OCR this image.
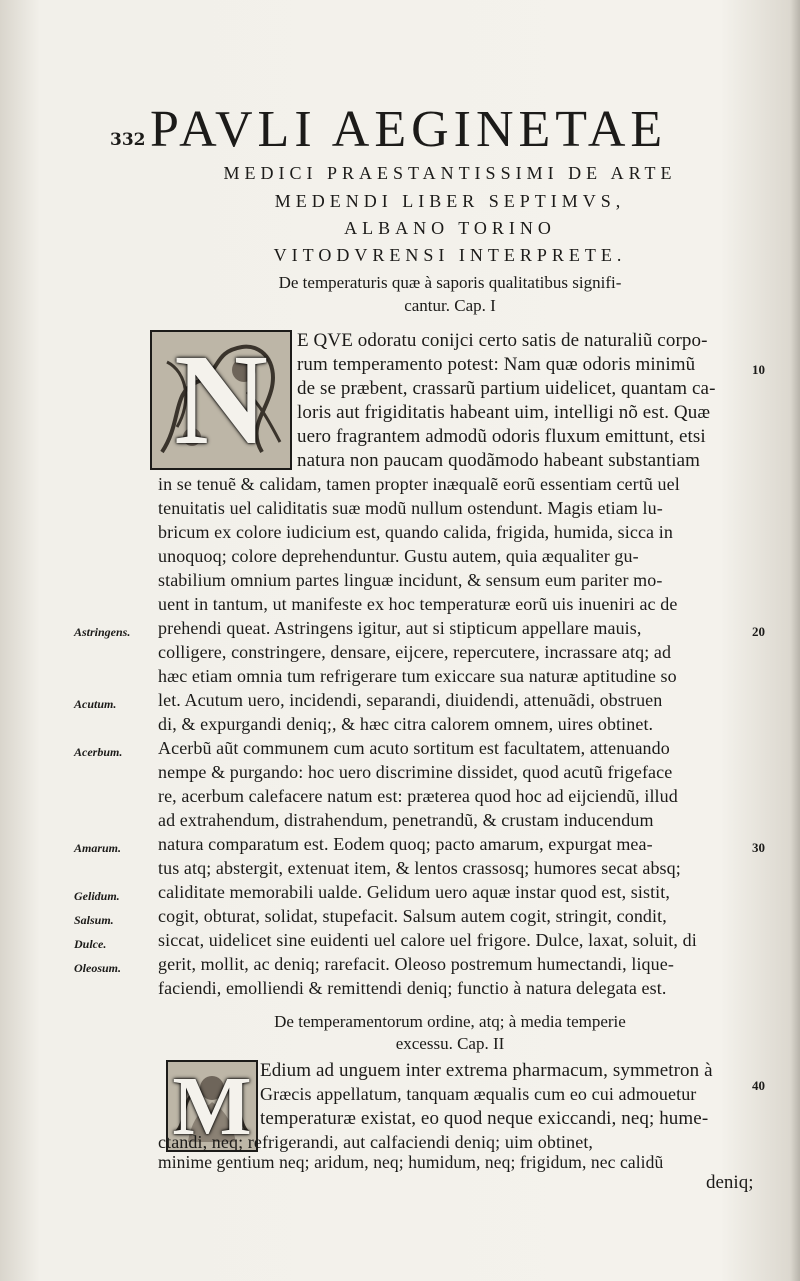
332 PAVLI AEGINETAE
MEDICI PRAESTANTISSIMI DE ARTE
MEDENDI LIBER SEPTIMVS,
ALBANO TORINO
VITODVRENSI INTERPRETE.
De temperaturis quæ à saporis qualitatibus signifi-
cantur. Cap. I
N E QVE odoratu conijci certo satis de naturaliũ corpo-
rum temperamento potest: Nam quæ odoris minimũ
de se præbent, crassarũ partium uidelicet, quantam ca-
loris aut frigiditatis habeant uim, intelligi nõ est. Quæ
uero fragrantem admodũ odoris fluxum emittunt, etsi
natura non paucam quodãmodo habeant substantiam
in se tenuẽ & calidam, tamen propter inæqualẽ eorũ essentiam certũ uel
tenuitatis uel caliditatis suæ modũ nullum ostendunt. Magis etiam lu-
bricum ex colore iudicium est, quando calida, frigida, humida, sicca in
unoquoq; colore deprehenduntur. Gustu autem, quia æqualiter gu-
stabilium omnium partes linguæ incidunt, & sensum eum pariter mo-
uent in tantum, ut manifeste ex hoc temperaturæ eorũ uis inueniri ac de
prehendi queat. Astringens igitur, aut si stipticum appellare mauis,
colligere, constringere, densare, eijcere, repercutere, incrassare atq; ad
hæc etiam omnia tum refrigerare tum exiccare sua naturæ aptitudine so
let. Acutum uero, incidendi, separandi, diuidendi, attenuãdi, obstruen
di, & expurgandi deniq;, & hæc citra calorem omnem, uires obtinet.
Acerbũ aũt communem cum acuto sortitum est facultatem, attenuando
nempe & purgando: hoc uero discrimine dissidet, quod acutũ frigeface
re, acerbum calefacere natum est: præterea quod hoc ad eijciendũ, illud
ad extrahendum, distrahendum, penetrandũ, & crustam inducendum
natura comparatum est. Eodem quoq; pacto amarum, expurgat mea-
tus atq; abstergit, extenuat item, & lentos crassosq; humores secat absq;
caliditate memorabili ualde. Gelidum uero aquæ instar quod est, sistit,
cogit, obturat, solidat, stupefacit. Salsum autem cogit, stringit, condit,
siccat, uidelicet sine euidenti uel calore uel frigore. Dulce, laxat, soluit, di
gerit, mollit, ac deniq; rarefacit. Oleoso postremum humectandi, lique-
faciendi, emolliendi & remittendi deniq; functio à natura delegata est.
Astringens.
Acutum.
Acerbum.
Amarum.
Gelidum.
Salsum.
Dulce.
Oleosum.
10
20
30
40
De temperamentorum ordine, atq; à media temperie
excessu. Cap. II
M Edium ad unguem inter extrema pharmacum, symmetron à
Græcis appellatum, tanquam æqualis cum eo cui admouetur
temperaturæ existat, eo quod neque exiccandi, neq; hume-
ctandi, neq; refrigerandi, aut calfaciendi deniq; uim obtinet,
minime gentium neq; aridum, neq; humidum, neq; frigidum, nec calidũ
deniq;
